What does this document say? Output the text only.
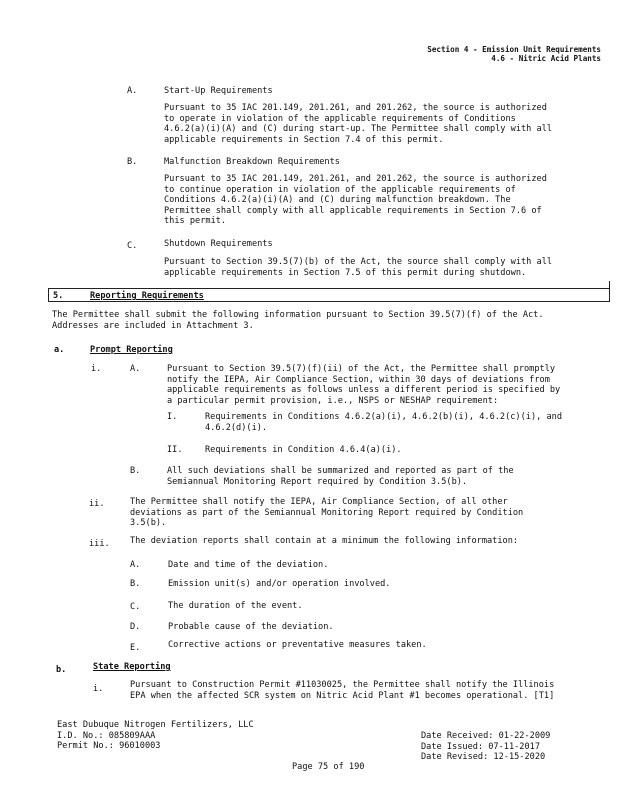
Section 4 - Emission Unit Requirements
4.6 - Nitric Acid Plants
A.	Start-Up Requirements
Pursuant to 35 IAC 201.149, 201.261, and 201.262, the source is authorized
to operate in violation of the applicable requirements of Conditions
4.6.2(a)(i)(A) and (C) during start-up. The Permittee shall comply with all
applicable requirements in Section 7.4 of this permit.
B.	Malfunction Breakdown Requirements
Pursuant to 35 IAC 201.149, 201.261, and 201.262, the source is authorized
to continue operation in violation of the applicable requirements of
Conditions 4.6.2(a)(i)(A) and (C) during malfunction breakdown. The
Permittee shall comply with all applicable requirements in Section 7.6 of
this permit.
C.	Shutdown Requirements
Pursuant to Section 39.5(7)(b) of the Act, the source shall comply with all
applicable requirements in Section 7.5 of this permit during shutdown.
5.	Reporting Requirements
The Permittee shall submit the following information pursuant to Section 39.5(7)(f) of the Act.
Addresses are included in Attachment 3.
a.	Prompt Reporting
i.	A.	Pursuant to Section 39.5(7)(f)(ii) of the Act, the Permittee shall promptly
notify the IEPA, Air Compliance Section, within 30 days of deviations from
applicable requirements as follows unless a different period is specified by
a particular permit provision, i.e., NSPS or NESHAP requirement:
I.	Requirements in Conditions 4.6.2(a)(i), 4.6.2(b)(i), 4.6.2(c)(i), and
4.6.2(d)(i).
II.	Requirements in Condition 4.6.4(a)(i).
B.	All such deviations shall be summarized and reported as part of the
Semiannual Monitoring Report required by Condition 3.5(b).
ii.	The Permittee shall notify the IEPA, Air Compliance Section, of all other
deviations as part of the Semiannual Monitoring Report required by Condition
3.5(b).
iii. The deviation reports shall contain at a minimum the following information:
A.	Date and time of the deviation.
B.	Emission unit(s) and/or operation involved.
C.	The duration of the event.
D.	Probable cause of the deviation.
E.	Corrective actions or preventative measures taken.
b.	State Reporting
i.	Pursuant to Construction Permit #11030025, the Permittee shall notify the Illinois
EPA when the affected SCR system on Nitric Acid Plant #1 becomes operational. [T1]
East Dubuque Nitrogen Fertilizers, LLC
I.D. No.: 085809AAA
Permit No.: 96010003
Date Received: 01-22-2009
Date Issued: 07-11-2017
Date Revised: 12-15-2020
Page 75 of 190
